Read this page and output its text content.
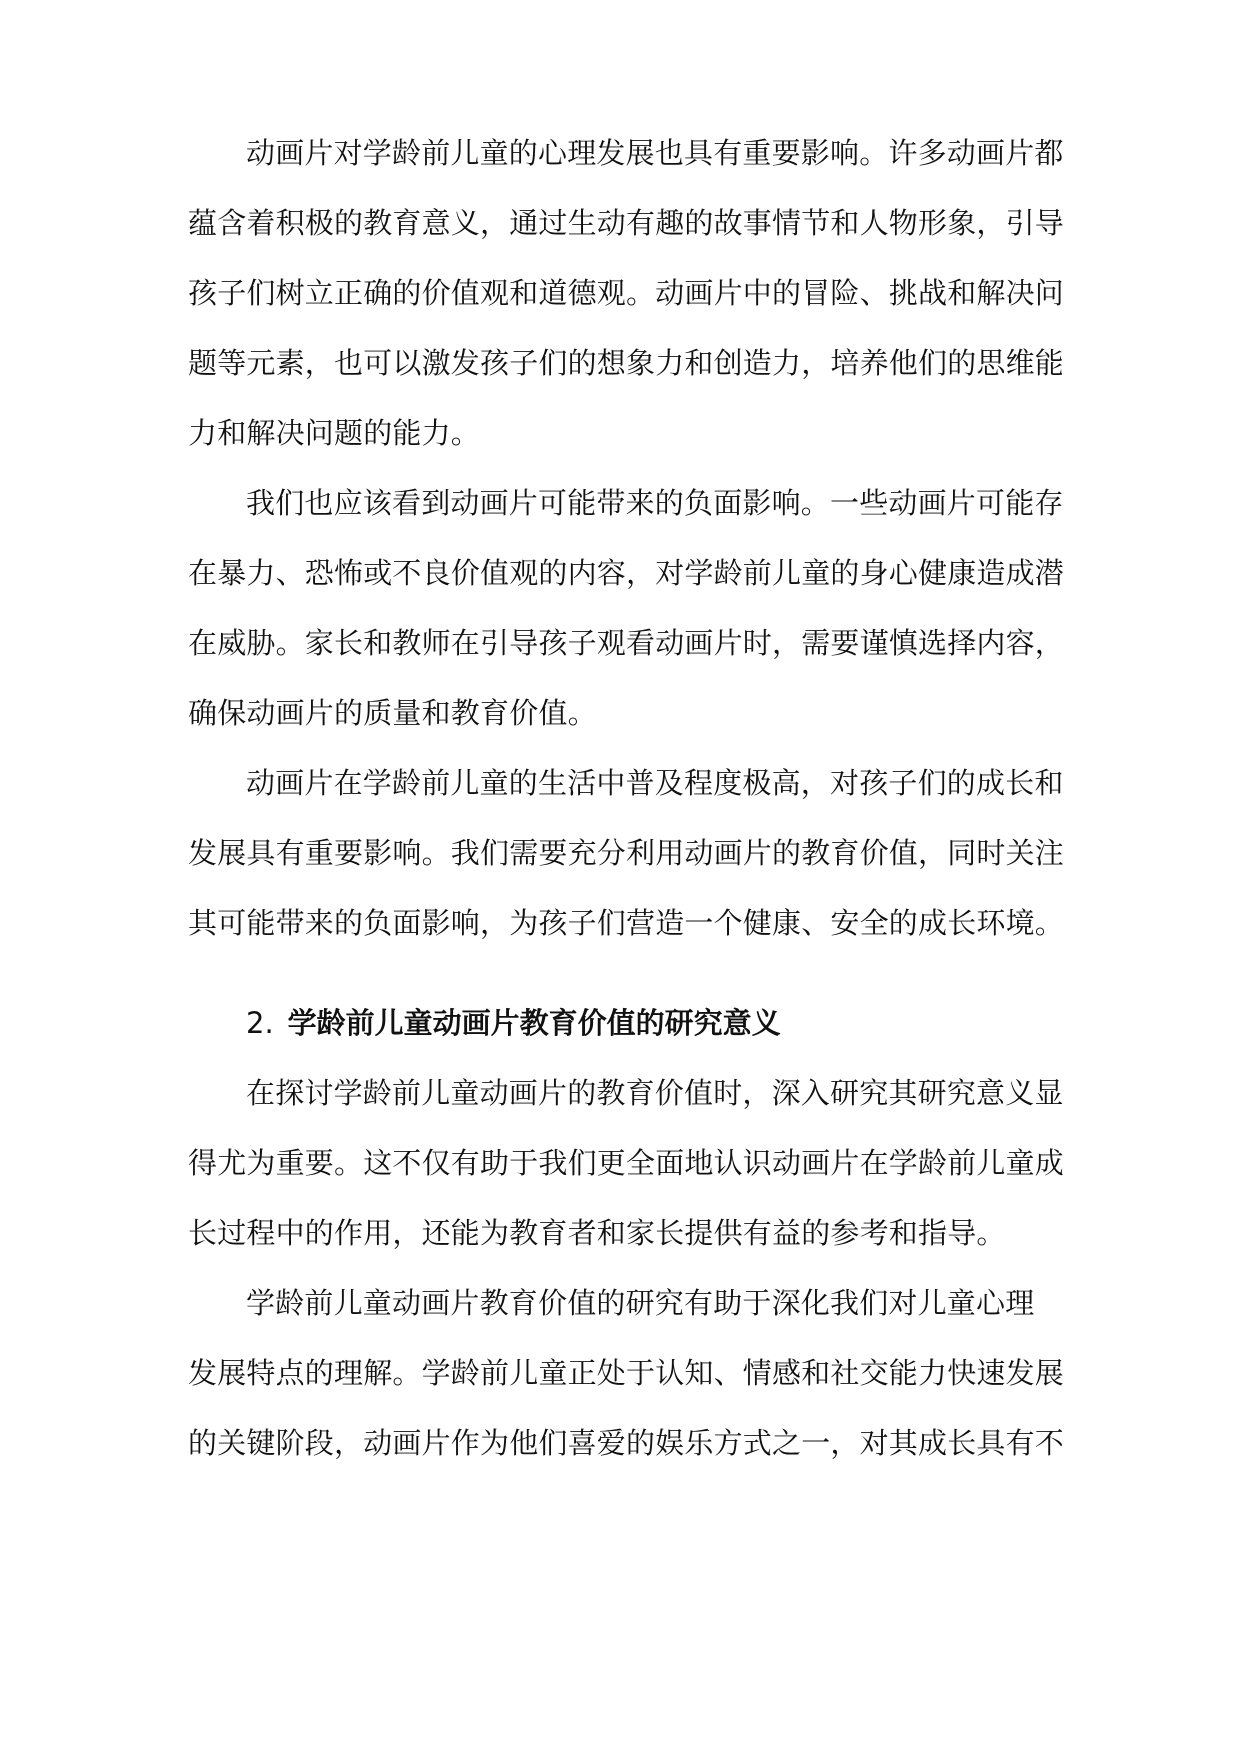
动画片对学龄前儿童的心理发展也具有重要影响。许多动画片都
蕴含着积极的教育意义，通过生动有趣的故事情节和人物形象，引导
孩子们树立正确的价值观和道德观。动画片中的冒险、挑战和解决问
题等元素，也可以激发孩子们的想象力和创造力，培养他们的思维能
力和解决问题的能力。
我们也应该看到动画片可能带来的负面影响。一些动画片可能存
在暴力、恐怖或不良价值观的内容，对学龄前儿童的身心健康造成潜
在威胁。家长和教师在引导孩子观看动画片时，需要谨慎选择内容，
确保动画片的质量和教育价值。
动画片在学龄前儿童的生活中普及程度极高，对孩子们的成长和
发展具有重要影响。我们需要充分利用动画片的教育价值，同时关注
其可能带来的负面影响，为孩子们营造一个健康、安全的成长环境。
2. 学龄前儿童动画片教育价值的研究意义
在探讨学龄前儿童动画片的教育价值时，深入研究其研究意义显
得尤为重要。这不仅有助于我们更全面地认识动画片在学龄前儿童成
长过程中的作用，还能为教育者和家长提供有益的参考和指导。
学龄前儿童动画片教育价值的研究有助于深化我们对儿童心理
发展特点的理解。学龄前儿童正处于认知、情感和社交能力快速发展
的关键阶段，动画片作为他们喜爱的娱乐方式之一，对其成长具有不
